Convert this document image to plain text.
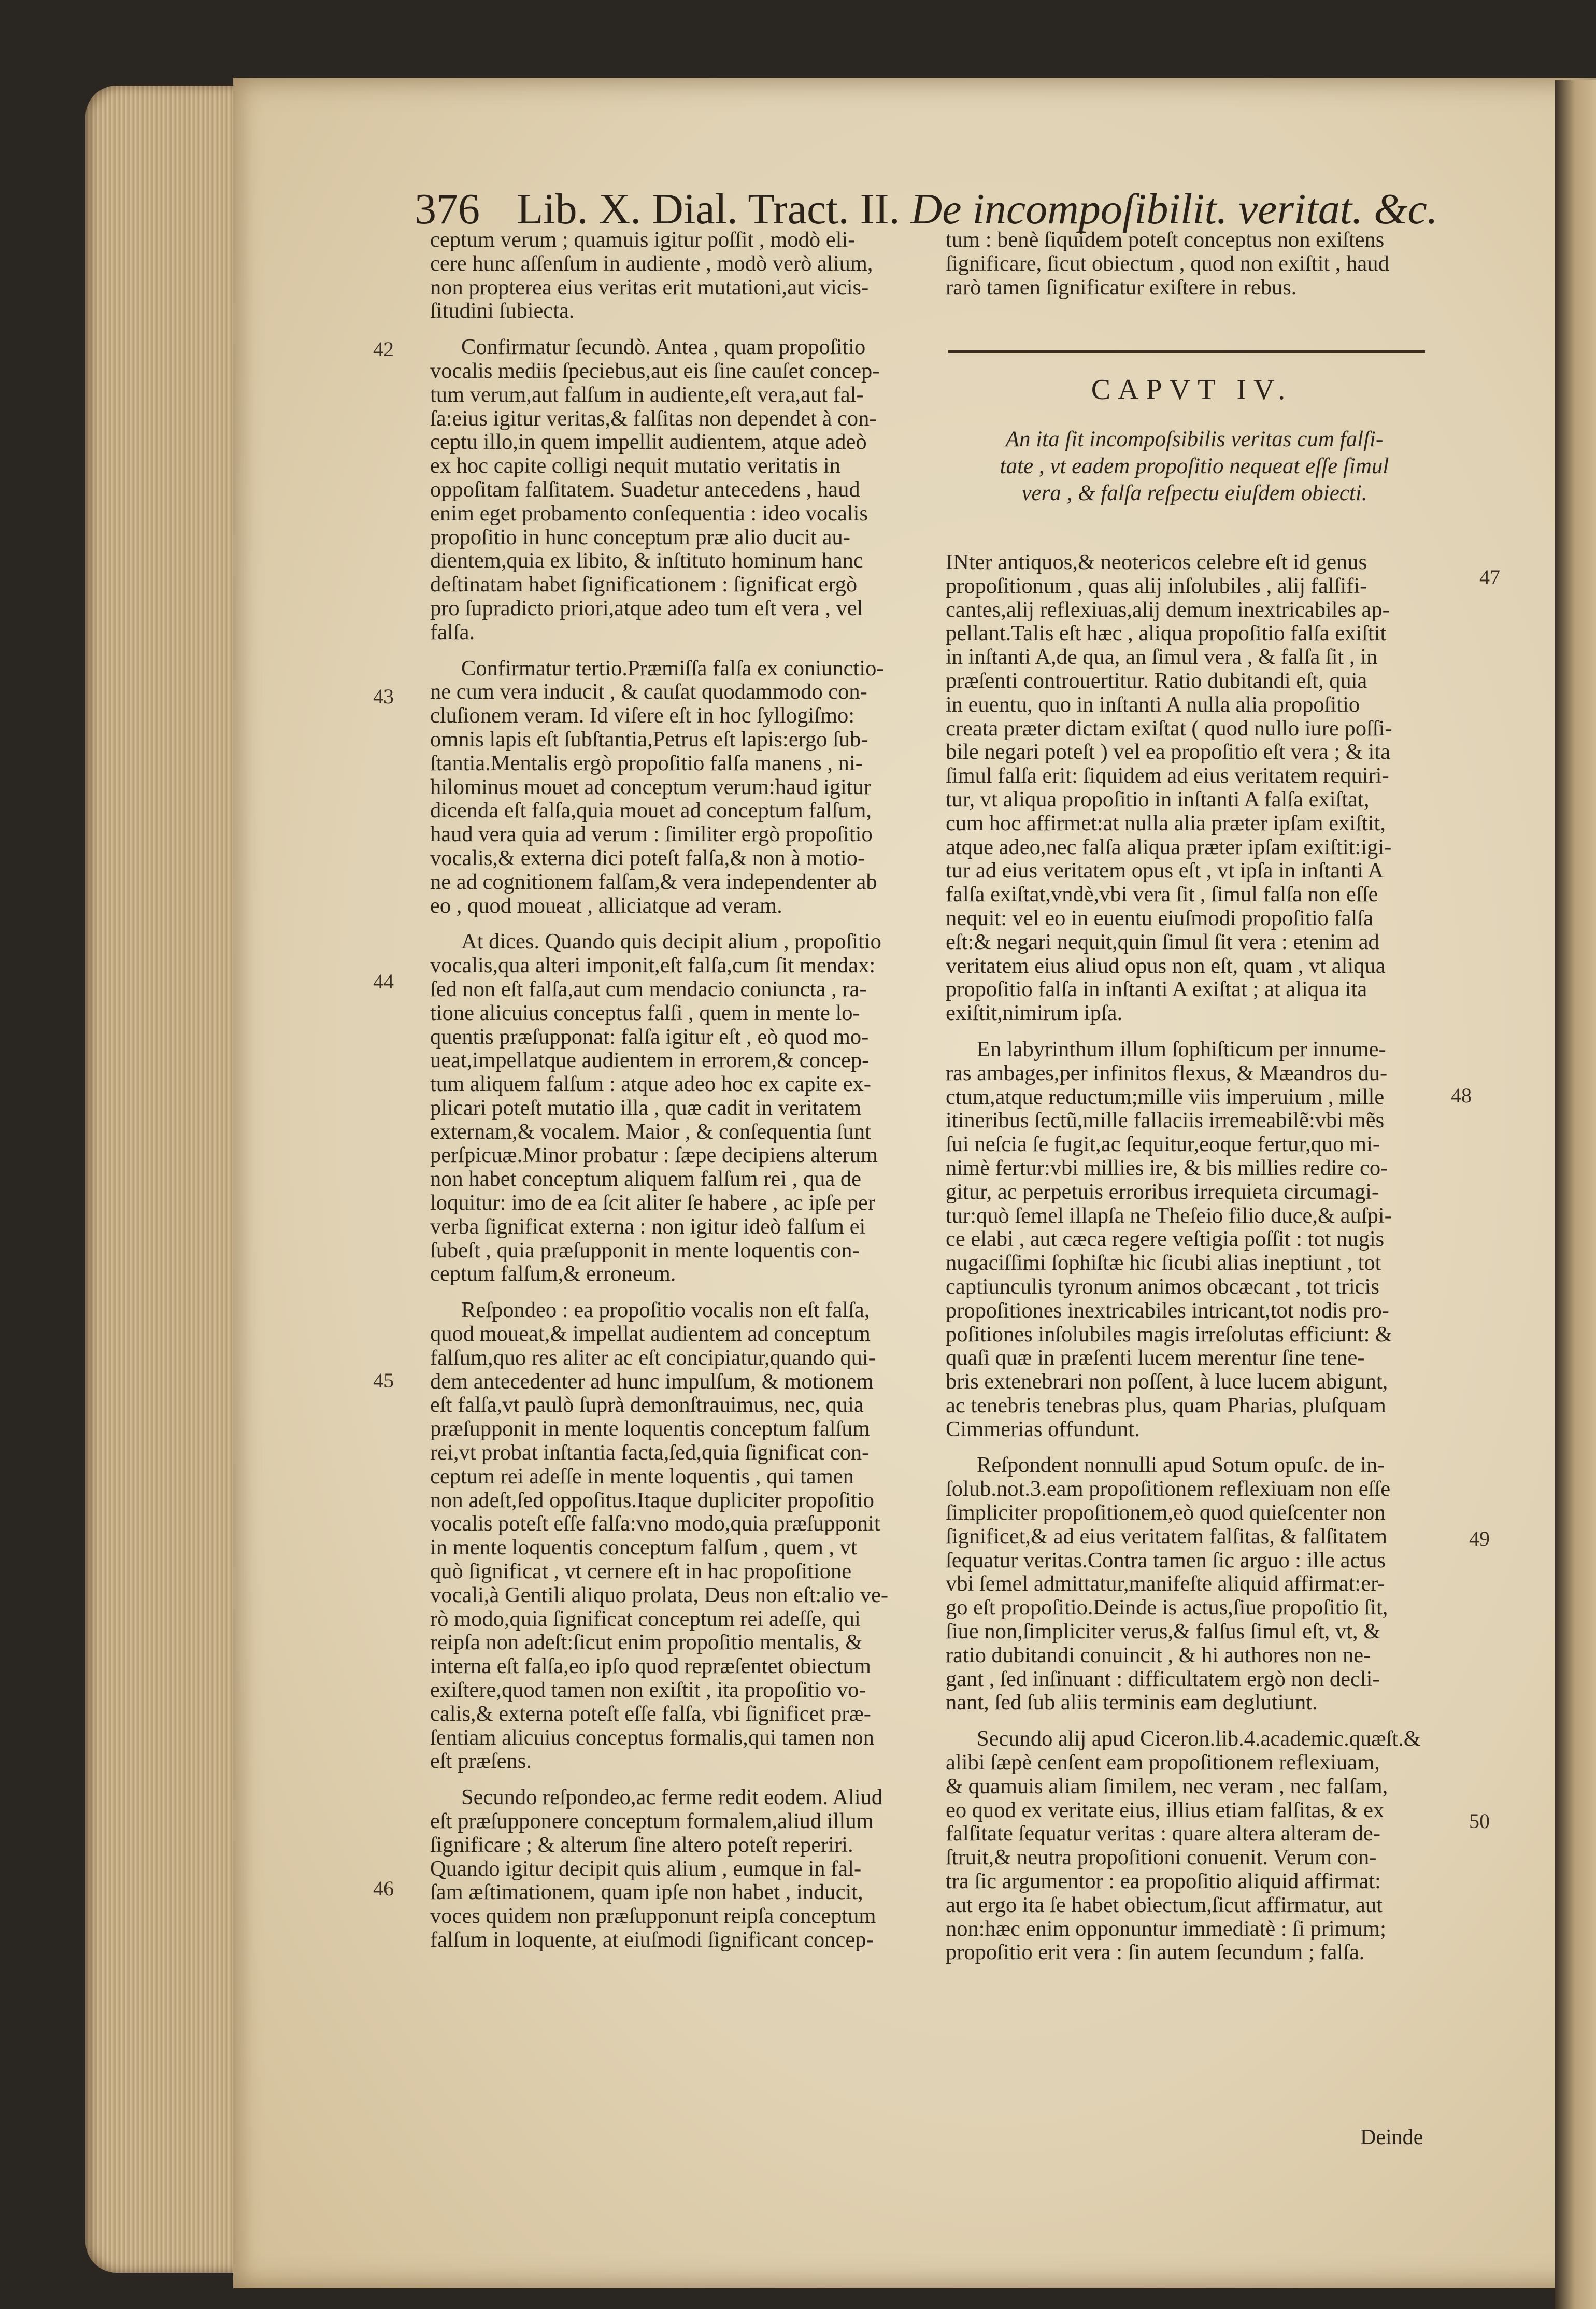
376 Lib. X. Dial. Tract. II. De incompoſibilit. veritat. &c.
ceptum verum ; quamuis igitur poſſit , modò eli-
cere hunc aſſenſum in audiente , modò verò alium,
non propterea eius veritas erit mutationi,aut vicis-
ſitudini ſubiecta.
Confirmatur ſecundò. Antea , quam propoſitio
vocalis mediis ſpeciebus,aut eis ſine cauſet concep-
tum verum,aut falſum in audiente,eſt vera,aut fal-
ſa:eius igitur veritas,& falſitas non dependet à con-
ceptu illo,in quem impellit audientem, atque adeò
ex hoc capite colligi nequit mutatio veritatis in
oppoſitam falſitatem. Suadetur antecedens , haud
enim eget probamento conſequentia : ideo vocalis
propoſitio in hunc conceptum præ alio ducit au-
dientem,quia ex libito, & inſtituto hominum hanc
deſtinatam habet ſignificationem : ſignificat ergò
pro ſupradicto priori,atque adeo tum eſt vera , vel
falſa.
Confirmatur tertio.Præmiſſa falſa ex coniunctio-
ne cum vera inducit , & cauſat quodammodo con-
cluſionem veram. Id viſere eſt in hoc ſyllogiſmo:
omnis lapis eſt ſubſtantia,Petrus eſt lapis:ergo ſub-
ſtantia.Mentalis ergò propoſitio falſa manens , ni-
hilominus mouet ad conceptum verum:haud igitur
dicenda eſt falſa,quia mouet ad conceptum falſum,
haud vera quia ad verum : ſimiliter ergò propoſitio
vocalis,& externa dici poteſt falſa,& non à motio-
ne ad cognitionem falſam,& vera independenter ab
eo , quod moueat , alliciatque ad veram.
At dices. Quando quis decipit alium , propoſitio
vocalis,qua alteri imponit,eſt falſa,cum ſit mendax:
ſed non eſt falſa,aut cum mendacio coniuncta , ra-
tione alicuius conceptus falſi , quem in mente lo-
quentis præſupponat: falſa igitur eſt , eò quod mo-
ueat,impellatque audientem in errorem,& concep-
tum aliquem falſum : atque adeo hoc ex capite ex-
plicari poteſt mutatio illa , quæ cadit in veritatem
externam,& vocalem. Maior , & conſequentia ſunt
perſpicuæ.Minor probatur : ſæpe decipiens alterum
non habet conceptum aliquem falſum rei , qua de
loquitur: imo de ea ſcit aliter ſe habere , ac ipſe per
verba ſignificat externa : non igitur ideò falſum ei
ſubeſt , quia præſupponit in mente loquentis con-
ceptum falſum,& erroneum.
Reſpondeo : ea propoſitio vocalis non eſt falſa,
quod moueat,& impellat audientem ad conceptum
falſum,quo res aliter ac eſt concipiatur,quando qui-
dem antecedenter ad hunc impulſum, & motionem
eſt falſa,vt paulò ſuprà demonſtrauimus, nec, quia
præſupponit in mente loquentis conceptum falſum
rei,vt probat inſtantia facta,ſed,quia ſignificat con-
ceptum rei adeſſe in mente loquentis , qui tamen
non adeſt,ſed oppoſitus.Itaque dupliciter propoſitio
vocalis poteſt eſſe falſa:vno modo,quia præſupponit
in mente loquentis conceptum falſum , quem , vt
quò ſignificat , vt cernere eſt in hac propoſitione
vocali,à Gentili aliquo prolata, Deus non eſt:alio ve-
rò modo,quia ſignificat conceptum rei adeſſe, qui
reipſa non adeſt:ſicut enim propoſitio mentalis, &
interna eſt falſa,eo ipſo quod repræſentet obiectum
exiſtere,quod tamen non exiſtit , ita propoſitio vo-
calis,& externa poteſt eſſe falſa, vbi ſignificet præ-
ſentiam alicuius conceptus formalis,qui tamen non
eſt præſens.
Secundo reſpondeo,ac ferme redit eodem. Aliud
eſt præſupponere conceptum formalem,aliud illum
ſignificare ; & alterum ſine altero poteſt reperiri.
Quando igitur decipit quis alium , eumque in fal-
ſam æſtimationem, quam ipſe non habet , inducit,
voces quidem non præſupponunt reipſa conceptum
falſum in loquente, at eiuſmodi ſignificant concep-
tum : benè ſiquidem poteſt conceptus non exiſtens
ſignificare, ſicut obiectum , quod non exiſtit , haud
rarò tamen ſignificatur exiſtere in rebus.
CAPVT IV.
An ita ſit incompoſsibilis veritas cum falſi-
tate , vt eadem propoſitio nequeat eſſe ſimul
vera , & falſa reſpectu eiuſdem obiecti.
INter antiquos,& neotericos celebre eſt id genus
propoſitionum , quas alij inſolubiles , alij falſifi-
cantes,alij reflexiuas,alij demum inextricabiles ap-
pellant.Talis eſt hæc , aliqua propoſitio falſa exiſtit
in inſtanti A,de qua, an ſimul vera , & falſa ſit , in
præſenti controuertitur. Ratio dubitandi eſt, quia
in euentu, quo in inſtanti A nulla alia propoſitio
creata præter dictam exiſtat ( quod nullo iure poſſi-
bile negari poteſt ) vel ea propoſitio eſt vera ; & ita
ſimul falſa erit: ſiquidem ad eius veritatem requiri-
tur, vt aliqua propoſitio in inſtanti A falſa exiſtat,
cum hoc affirmet:at nulla alia præter ipſam exiſtit,
atque adeo,nec falſa aliqua præter ipſam exiſtit:igi-
tur ad eius veritatem opus eſt , vt ipſa in inſtanti A
falſa exiſtat,vndè,vbi vera ſit , ſimul falſa non eſſe
nequit: vel eo in euentu eiuſmodi propoſitio falſa
eſt:& negari nequit,quin ſimul ſit vera : etenim ad
veritatem eius aliud opus non eſt, quam , vt aliqua
propoſitio falſa in inſtanti A exiſtat ; at aliqua ita
exiſtit,nimirum ipſa.
En labyrinthum illum ſophiſticum per innume-
ras ambages,per infinitos flexus, & Mæandros du-
ctum,atque reductum;mille viis imperuium , mille
itineribus ſectũ,mille fallaciis irremeabilẽ:vbi mẽs
ſui neſcia ſe fugit,ac ſequitur,eoque fertur,quo mi-
nimè fertur:vbi millies ire, & bis millies redire co-
gitur, ac perpetuis erroribus irrequieta circumagi-
tur:quò ſemel illapſa ne Theſeio filio duce,& auſpi-
ce elabi , aut cæca regere veſtigia poſſit : tot nugis
nugaciſſimi ſophiſtæ hic ſicubi alias ineptiunt , tot
captiunculis tyronum animos obcæcant , tot tricis
propoſitiones inextricabiles intricant,tot nodis pro-
poſitiones inſolubiles magis irreſolutas efficiunt: &
quaſi quæ in præſenti lucem merentur ſine tene-
bris extenebrari non poſſent, à luce lucem abigunt,
ac tenebris tenebras plus, quam Pharias, pluſquam
Cimmerias offundunt.
Reſpondent nonnulli apud Sotum opuſc. de in-
ſolub.not.3.eam propoſitionem reflexiuam non eſſe
ſimpliciter propoſitionem,eò quod quieſcenter non
ſignificet,& ad eius veritatem falſitas, & falſitatem
ſequatur veritas.Contra tamen ſic arguo : ille actus
vbi ſemel admittatur,manifeſte aliquid affirmat:er-
go eſt propoſitio.Deinde is actus,ſiue propoſitio ſit,
ſiue non,ſimpliciter verus,& falſus ſimul eſt, vt, &
ratio dubitandi conuincit , & hi authores non ne-
gant , ſed inſinuant : difficultatem ergò non decli-
nant, ſed ſub aliis terminis eam deglutiunt.
Secundo alij apud Ciceron.lib.4.academic.quæſt.&
alibi ſæpè cenſent eam propoſitionem reflexiuam,
& quamuis aliam ſimilem, nec veram , nec falſam,
eo quod ex veritate eius, illius etiam falſitas, & ex
falſitate ſequatur veritas : quare altera alteram de-
ſtruit,& neutra propoſitioni conuenit. Verum con-
tra ſic argumentor : ea propoſitio aliquid affirmat:
aut ergo ita ſe habet obiectum,ſicut affirmatur, aut
non:hæc enim opponuntur immediatè : ſi primum;
propoſitio erit vera : ſin autem ſecundum ; falſa.
Deinde
42
43
44
45
46
47
48
49
50
